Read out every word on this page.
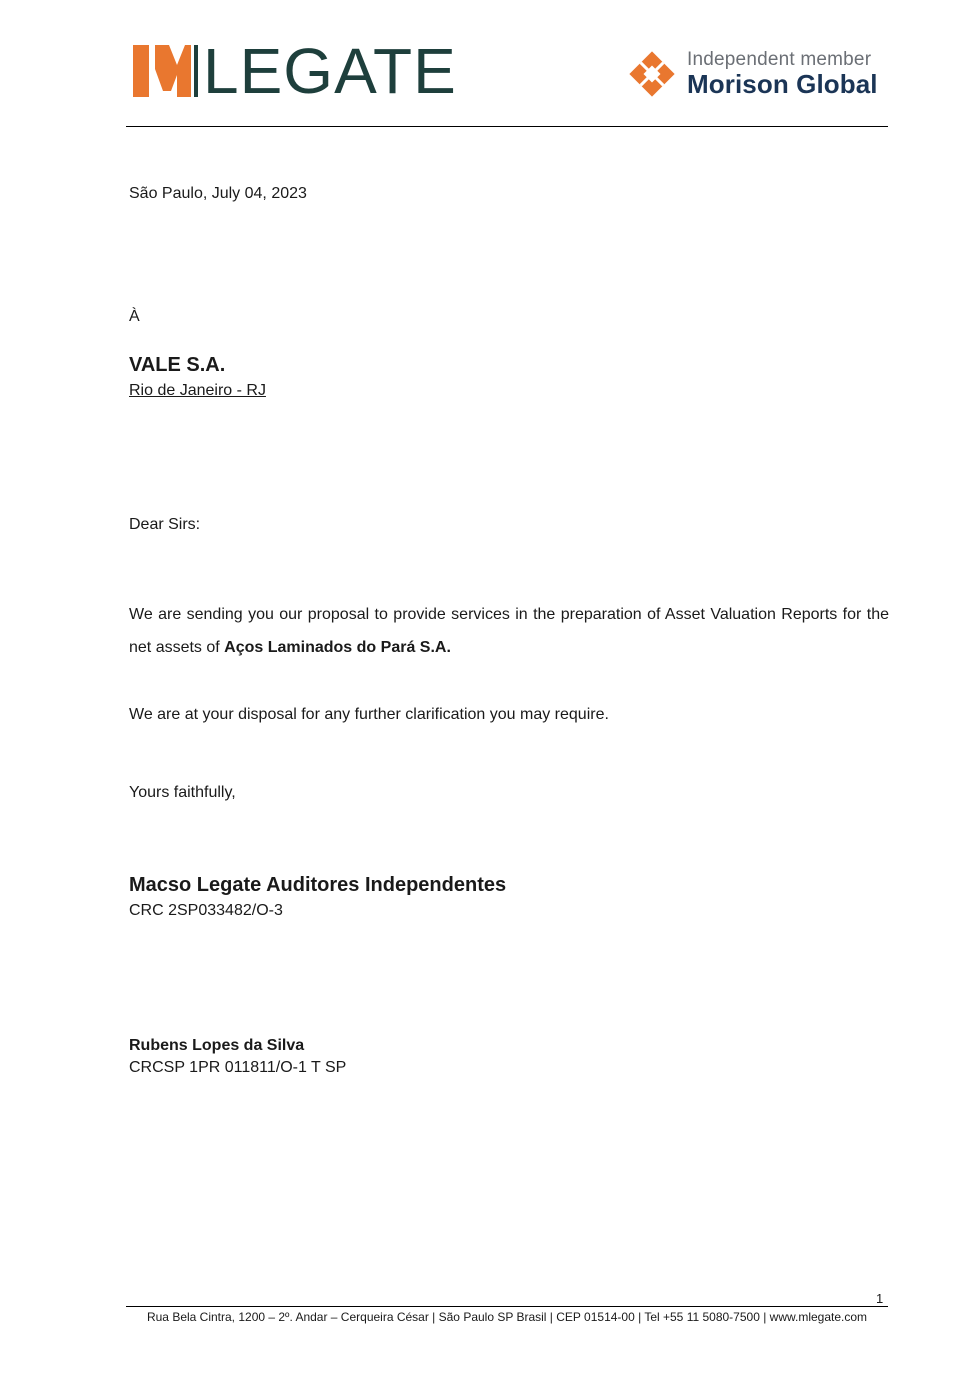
LEGATE	Independent member
Morison Global
São Paulo, July 04, 2023
À
VALE S.A.
Rio de Janeiro - RJ
Dear Sirs:
We are sending you our proposal to provide services in the preparation of Asset Valuation Reports for the net assets of Aços Laminados do Pará S.A.
We are at your disposal for any further clarification you may require.
Yours faithfully,
Macso Legate Auditores Independentes
CRC 2SP033482/O-3
Rubens Lopes da Silva
CRCSP 1PR 011811/O-1 T SP
1
Rua Bela Cintra, 1200 – 2º. Andar – Cerqueira César | São Paulo SP Brasil | CEP 01514-00 | Tel +55 11 5080-7500 | www.mlegate.com
